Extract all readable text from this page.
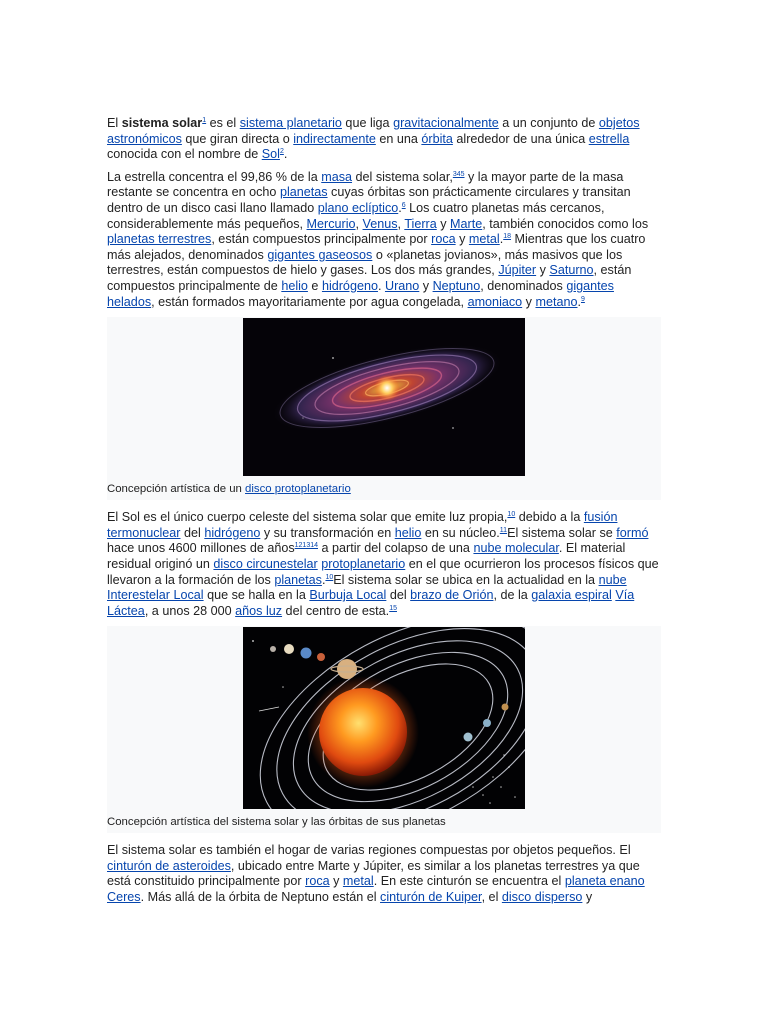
El sistema solar$^1$ es el sistema planetario que liga gravitacionalmente a un conjunto de objetos astronómicos que giran directa o indirectamente en una órbita alrededor de una única estrella conocida con el nombre de Sol$^2$.

La estrella concentra el 99,86 % de la masa del sistema solar,$^{345}$ y la mayor parte de la masa restante se concentra en ocho planetas cuyas órbitas son prácticamente circulares y transitan dentro de un disco casi llano llamado plano eclíptico.$^6$ Los cuatro planetas más cercanos, considerablemente más pequeños, Mercurio, Venus, Tierra y Marte, también conocidos como los planetas terrestres, están compuestos principalmente por roca y metal.$^{18}$ Mientras que los cuatro más alejados, denominados gigantes gaseosos o «planetas jovianos», más masivos que los terrestres, están compuestos de hielo y gases. Los dos más grandes, Júpiter y Saturno, están compuestos principalmente de helio e hidrógeno. Urano y Neptuno, denominados gigantes helados, están formados mayoritariamente por agua congelada, amoniaco y metano.$^9$

Concepción artística de un disco protoplanetario

El Sol es el único cuerpo celeste del sistema solar que emite luz propia,$^{10}$ debido a la fusión termonuclear del hidrógeno y su transformación en helio en su núcleo.$^{11}$El sistema solar se formó hace unos 4600 millones de años$^{121314}$ a partir del colapso de una nube molecular. El material residual originó un disco circunestelar protoplanetario en el que ocurrieron los procesos físicos que llevaron a la formación de los planetas.$^{10}$El sistema solar se ubica en la actualidad en la nube Interestelar Local que se halla en la Burbuja Local del brazo de Orión, de la galaxia espiral Vía Láctea, a unos 28 000 años luz del centro de esta.$^{15}$

Concepción artística del sistema solar y las órbitas de sus planetas

El sistema solar es también el hogar de varias regiones compuestas por objetos pequeños. El cinturón de asteroides, ubicado entre Marte y Júpiter, es similar a los planetas terrestres ya que está constituido principalmente por roca y metal. En este cinturón se encuentra el planeta enano Ceres. Más allá de la órbita de Neptuno están el cinturón de Kuiper, el disco disperso y
